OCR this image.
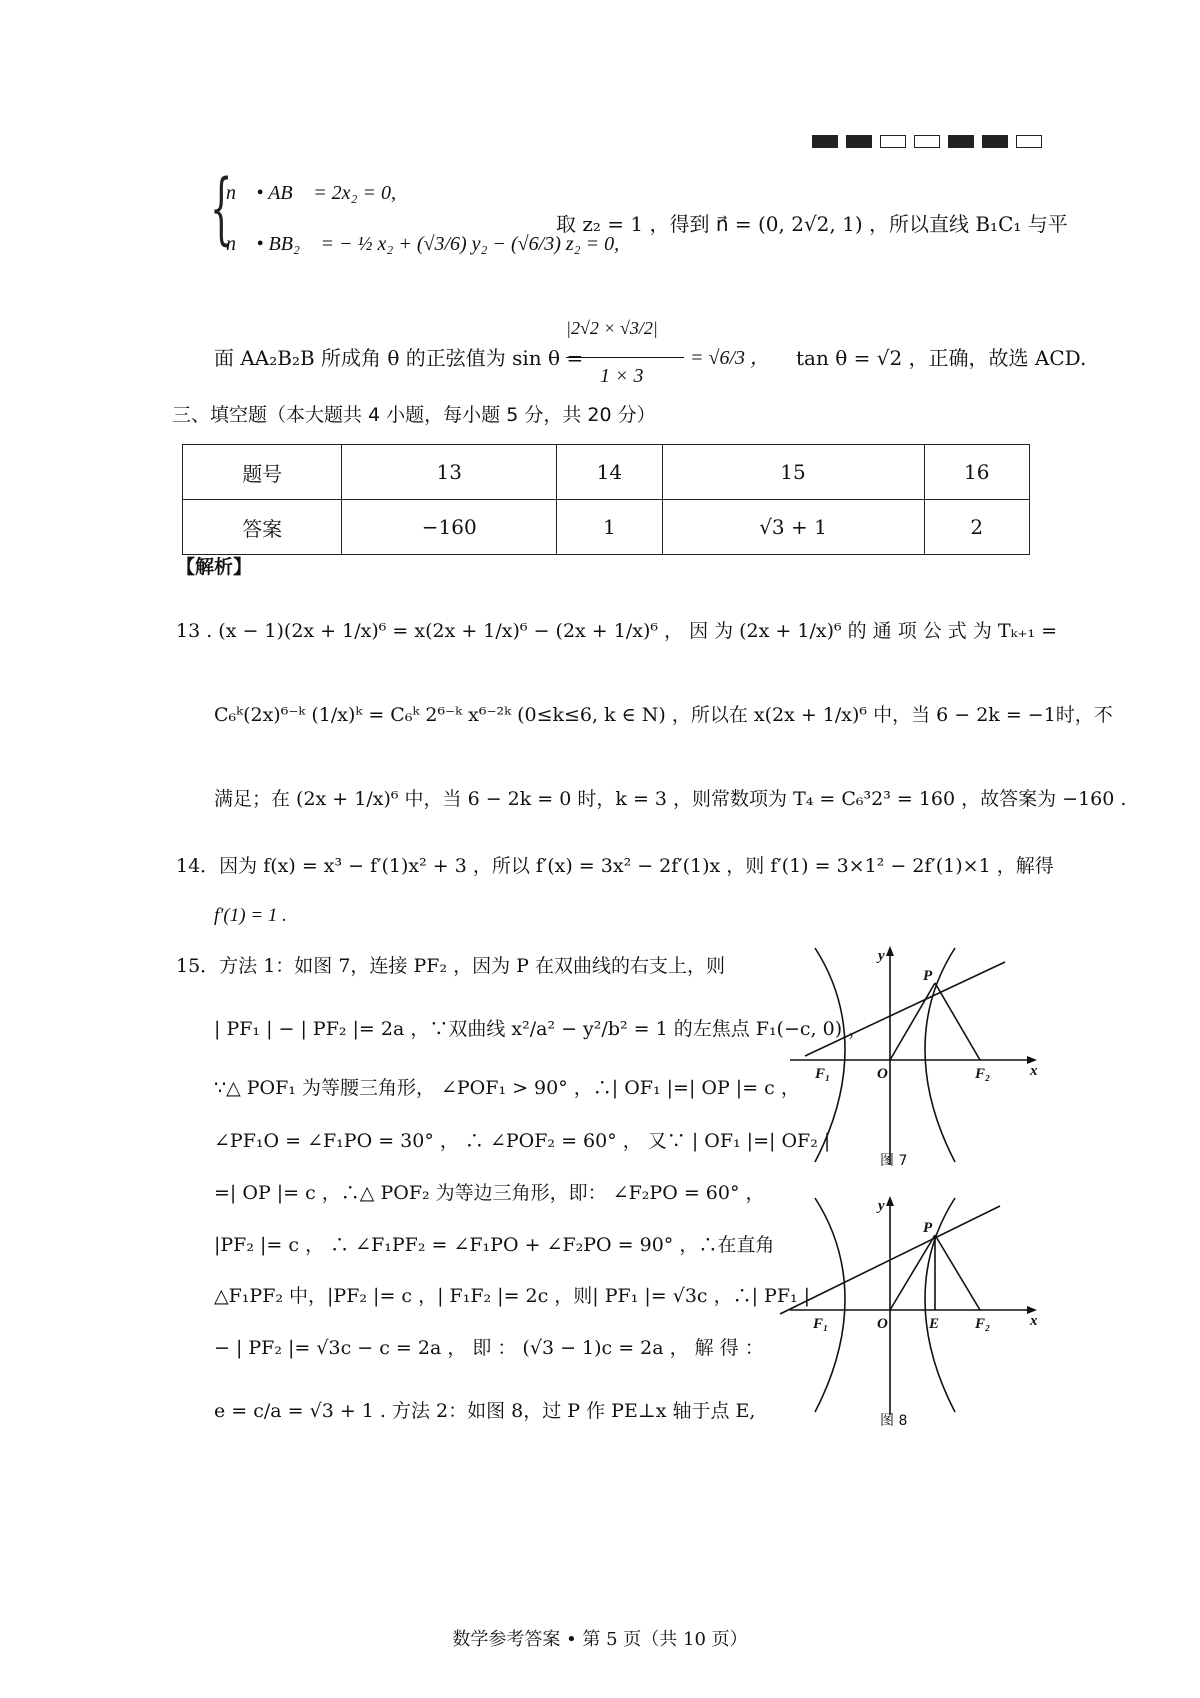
{
n⃗ • AB⃗ = 2x₂ = 0,
n⃗ • BB₂⃗ = − ½ x₂ + (√3/6) y₂ − (√6/3) z₂ = 0,
取 z₂ = 1 ，得到 n⃗ = (0, 2√2, 1) ，所以直线 B₁C₁ 与平
面 AA₂B₂B 所成角 θ 的正弦值为 sin θ =
|2√2 × √3/2|
1 × 3
= √6/3 ， tan θ = √2 ，正确，故选 ACD.
三、填空题（本大题共 4 小题，每小题 5 分，共 20 分）
题号	13	14	15	16
答案	−160	1	√3 + 1	2
【解析】
13 . (x − 1)(2x + 1/x)⁶ = x(2x + 1/x)⁶ − (2x + 1/x)⁶ ， 因 为 (2x + 1/x)⁶ 的 通 项 公 式 为 Tₖ₊₁ =
C₆ᵏ(2x)⁶⁻ᵏ (1/x)ᵏ = C₆ᵏ 2⁶⁻ᵏ x⁶⁻²ᵏ (0≤k≤6, k ∈ N) ，所以在 x(2x + 1/x)⁶ 中，当 6 − 2k = −1时，不
满足；在 (2x + 1/x)⁶ 中，当 6 − 2k = 0 时，k = 3 ，则常数项为 T₄ = C₆³2³ = 160 ，故答案为 −160 .
14．因为 f(x) = x³ − f′(1)x² + 3 ，所以 f′(x) = 3x² − 2f′(1)x ，则 f′(1) = 3×1² − 2f′(1)×1 ，解得
f′(1) = 1 .
15．方法 1：如图 7，连接 PF₂ ，因为 P 在双曲线的右支上，则
| PF₁ | − | PF₂ |= 2a ，∵双曲线 x²/a² − y²/b² = 1 的左焦点 F₁(−c, 0) ，
∵△ POF₁ 为等腰三角形， ∠POF₁ > 90° ，∴| OF₁ |=| OP |= c ，
∠PF₁O = ∠F₁PO = 30° ， ∴ ∠POF₂ = 60° ， 又∵ | OF₁ |=| OF₂ |
=| OP |= c ，∴△ POF₂ 为等边三角形，即： ∠F₂PO = 60° ，
|PF₂ |= c ， ∴ ∠F₁PF₂ = ∠F₁PO + ∠F₂PO = 90° ，∴在直角
△F₁PF₂ 中，|PF₂ |= c ，| F₁F₂ |= 2c ，则| PF₁ |= √3c ，∴| PF₁ |
− | PF₂ |= √3c − c = 2a ， 即 ： (√3 − 1)c = 2a ， 解 得 ：
e = c/a = √3 + 1 . 方法 2：如图 8，过 P 作 PE⊥x 轴于点 E,
y
x
P
O
F₁	F₂
图 7
y
x
P
O	E
F₁	F₂
图 8
数学参考答案 • 第 5 页（共 10 页）
